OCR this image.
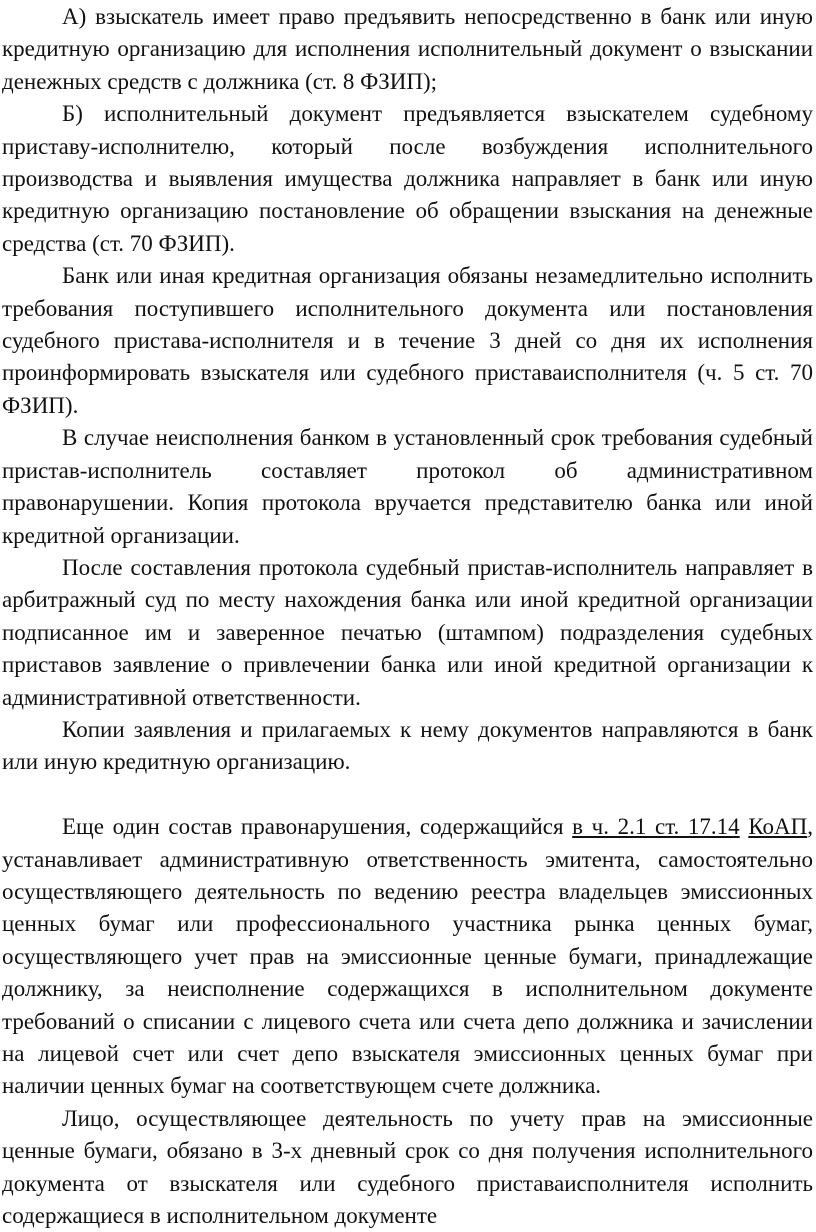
А) взыскатель имеет право предъявить непосредственно в банк или иную кредитную организацию для исполнения исполнительный документ о взыскании денежных средств с должника (ст. 8 ФЗИП);

Б) исполнительный документ предъявляется взыскателем судебному приставу-исполнителю, который после возбуждения исполнительного производства и выявления имущества должника направляет в банк или иную кредитную организацию постановление об обращении взыскания на денежные средства (ст. 70 ФЗИП).

Банк или иная кредитная организация обязаны незамедлительно исполнить требования поступившего исполнительного документа или постановления судебного пристава-исполнителя и в течение 3 дней со дня их исполнения проинформировать взыскателя или судебного приставаисполнителя (ч. 5 ст. 70 ФЗИП).

В случае неисполнения банком в установленный срок требования судебный пристав-исполнитель составляет протокол об административном правонарушении. Копия протокола вручается представителю банка или иной кредитной организации.

После составления протокола судебный пристав-исполнитель направляет в арбитражный суд по месту нахождения банка или иной кредитной организации подписанное им и заверенное печатью (штампом) подразделения судебных приставов заявление о привлечении банка или иной кредитной организации к административной ответственности.

Копии заявления и прилагаемых к нему документов направляются в банк или иную кредитную организацию.

Еще один состав правонарушения, содержащийся в ч. 2.1 ст. 17.14 КоАП, устанавливает административную ответственность эмитента, самостоятельно осуществляющего деятельность по ведению реестра владельцев эмиссионных ценных бумаг или профессионального участника рынка ценных бумаг, осуществляющего учет прав на эмиссионные ценные бумаги, принадлежащие должнику, за неисполнение содержащихся в исполнительном документе требований о списании с лицевого счета или счета депо должника и зачислении на лицевой счет или счет депо взыскателя эмиссионных ценных бумаг при наличии ценных бумаг на соответствующем счете должника.

Лицо, осуществляющее деятельность по учету прав на эмиссионные ценные бумаги, обязано в 3-х дневный срок со дня получения исполнительного документа от взыскателя или судебного приставаисполнителя исполнить содержащиеся в исполнительном документе
